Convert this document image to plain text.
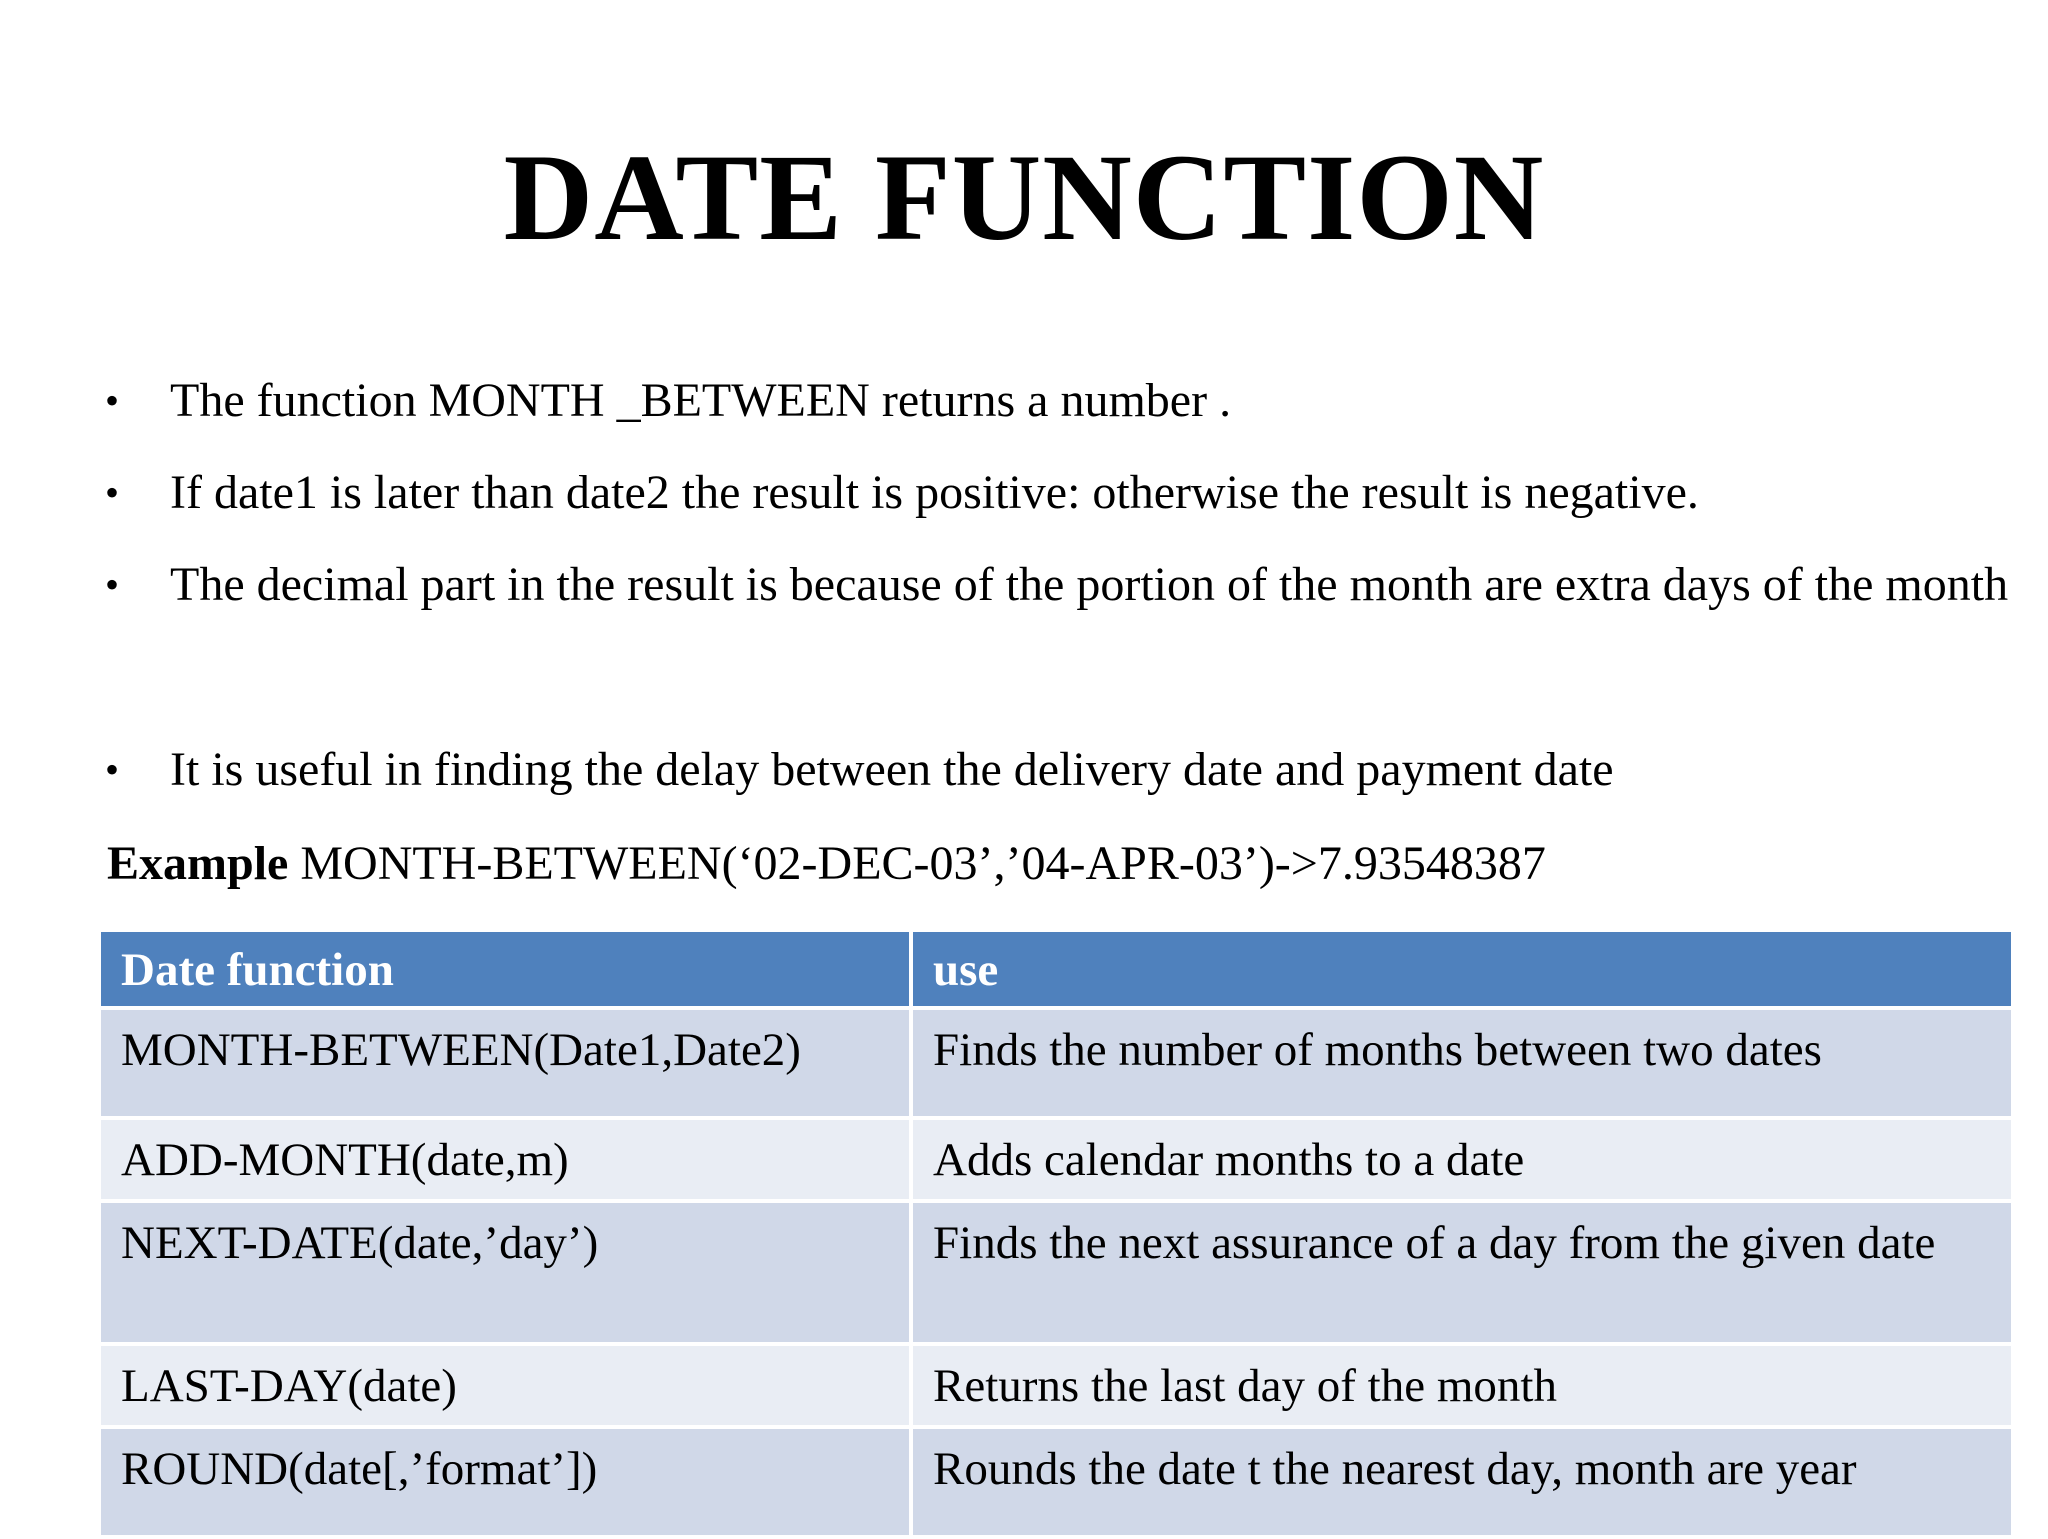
DATE FUNCTION
• The function MONTH _BETWEEN returns a number .
• If date1 is later than date2 the result is positive: otherwise the result is negative.
• The decimal part in the result is because of the portion of the month are extra days of the month
• It is useful in finding the delay between the delivery date and payment date
Example MONTH-BETWEEN(‘02-DEC-03’,’04-APR-03’)->7.93548387
Date function	use
MONTH-BETWEEN(Date1,Date2)	Finds the number of months between two dates
ADD-MONTH(date,m)	Adds calendar months to a date
NEXT-DATE(date,’day’)	Finds the next assurance of a day from the given date
LAST-DAY(date)	Returns the last day of the month
ROUND(date[,’format’])	Rounds the date t the nearest day, month are year
